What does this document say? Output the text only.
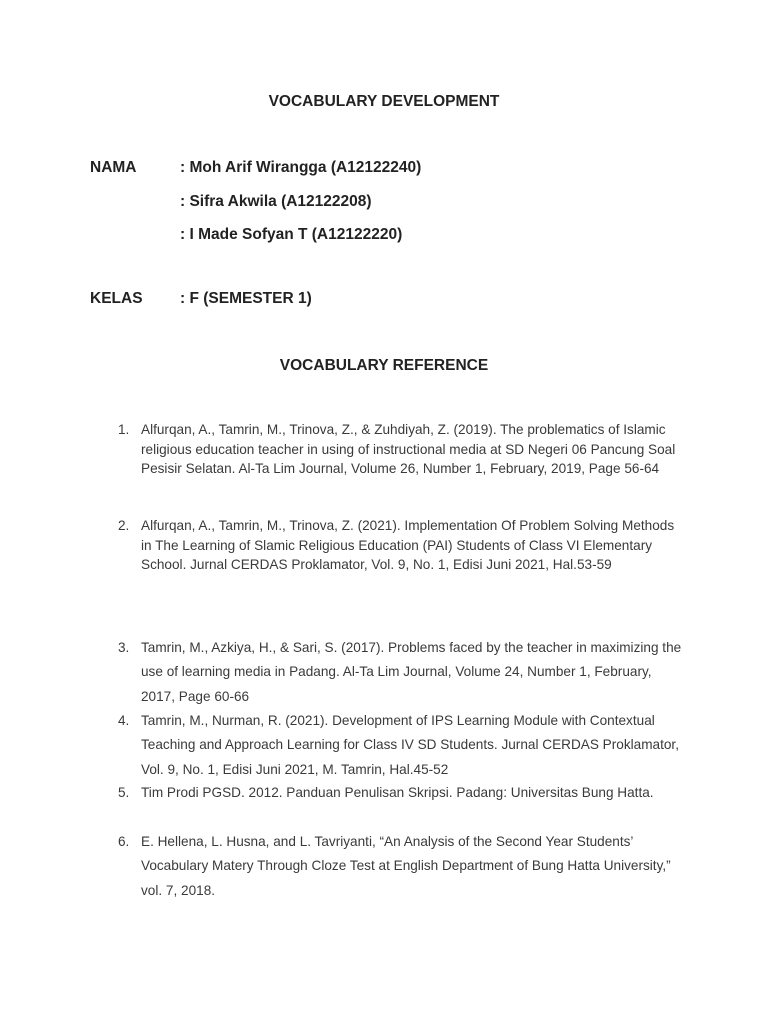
VOCABULARY DEVELOPMENT
NAMA	: Moh Arif Wirangga (A12122240)
: Sifra Akwila (A12122208)
: I Made Sofyan T (A12122220)
KELAS : F (SEMESTER 1)
VOCABULARY REFERENCE
1. Alfurqan, A., Tamrin, M., Trinova, Z., & Zuhdiyah, Z. (2019). The problematics of Islamic religious education teacher in using of instructional media at SD Negeri 06 Pancung Soal Pesisir Selatan. Al-Ta Lim Journal, Volume 26, Number 1, February, 2019, Page 56-64
2. Alfurqan, A., Tamrin, M., Trinova, Z. (2021). Implementation Of Problem Solving Methods in The Learning of Slamic Religious Education (PAI) Students of Class VI Elementary School. Jurnal CERDAS Proklamator, Vol. 9, No. 1, Edisi Juni 2021, Hal.53-59
3. Tamrin, M., Azkiya, H., & Sari, S. (2017). Problems faced by the teacher in maximizing the use of learning media in Padang. Al-Ta Lim Journal, Volume 24, Number 1, February, 2017, Page 60-66
4. Tamrin, M., Nurman, R. (2021). Development of IPS Learning Module with Contextual Teaching and Approach Learning for Class IV SD Students. Jurnal CERDAS Proklamator, Vol. 9, No. 1, Edisi Juni 2021, M. Tamrin, Hal.45-52
5. Tim Prodi PGSD. 2012. Panduan Penulisan Skripsi. Padang: Universitas Bung Hatta.
6. E. Hellena, L. Husna, and L. Tavriyanti, “An Analysis of the Second Year Students’ Vocabulary Matery Through Cloze Test at English Department of Bung Hatta University,” vol. 7, 2018.
